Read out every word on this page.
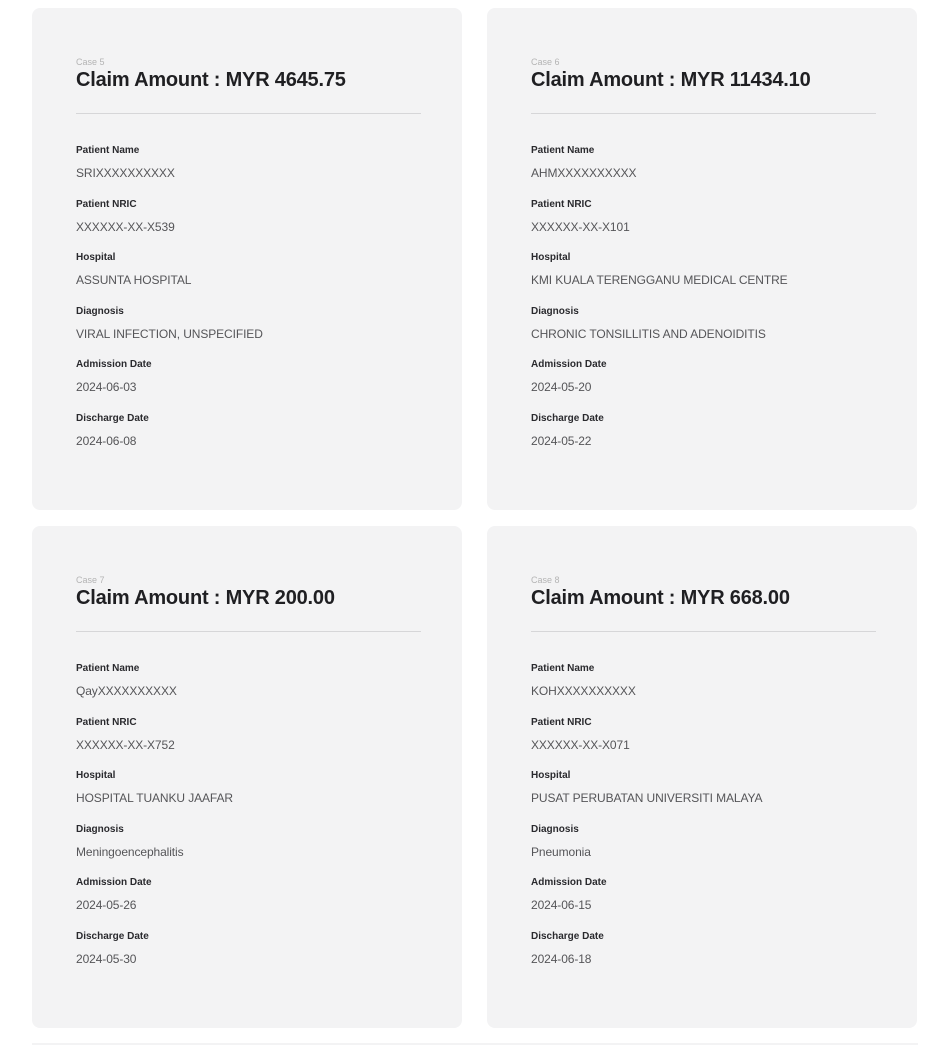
Case 5
Claim Amount : MYR 4645.75
Patient Name
SRIXXXXXXXXXX
Patient NRIC
XXXXXX-XX-X539
Hospital
ASSUNTA HOSPITAL
Diagnosis
VIRAL INFECTION, UNSPECIFIED
Admission Date
2024-06-03
Discharge Date
2024-06-08
Case 6
Claim Amount : MYR 11434.10
Patient Name
AHMXXXXXXXXXX
Patient NRIC
XXXXXX-XX-X101
Hospital
KMI KUALA TERENGGANU MEDICAL CENTRE
Diagnosis
CHRONIC TONSILLITIS AND ADENOIDITIS
Admission Date
2024-05-20
Discharge Date
2024-05-22
Case 7
Claim Amount : MYR 200.00
Patient Name
QayXXXXXXXXXX
Patient NRIC
XXXXXX-XX-X752
Hospital
HOSPITAL TUANKU JAAFAR
Diagnosis
Meningoencephalitis
Admission Date
2024-05-26
Discharge Date
2024-05-30
Case 8
Claim Amount : MYR 668.00
Patient Name
KOHXXXXXXXXXX
Patient NRIC
XXXXXX-XX-X071
Hospital
PUSAT PERUBATAN UNIVERSITI MALAYA
Diagnosis
Pneumonia
Admission Date
2024-06-15
Discharge Date
2024-06-18
